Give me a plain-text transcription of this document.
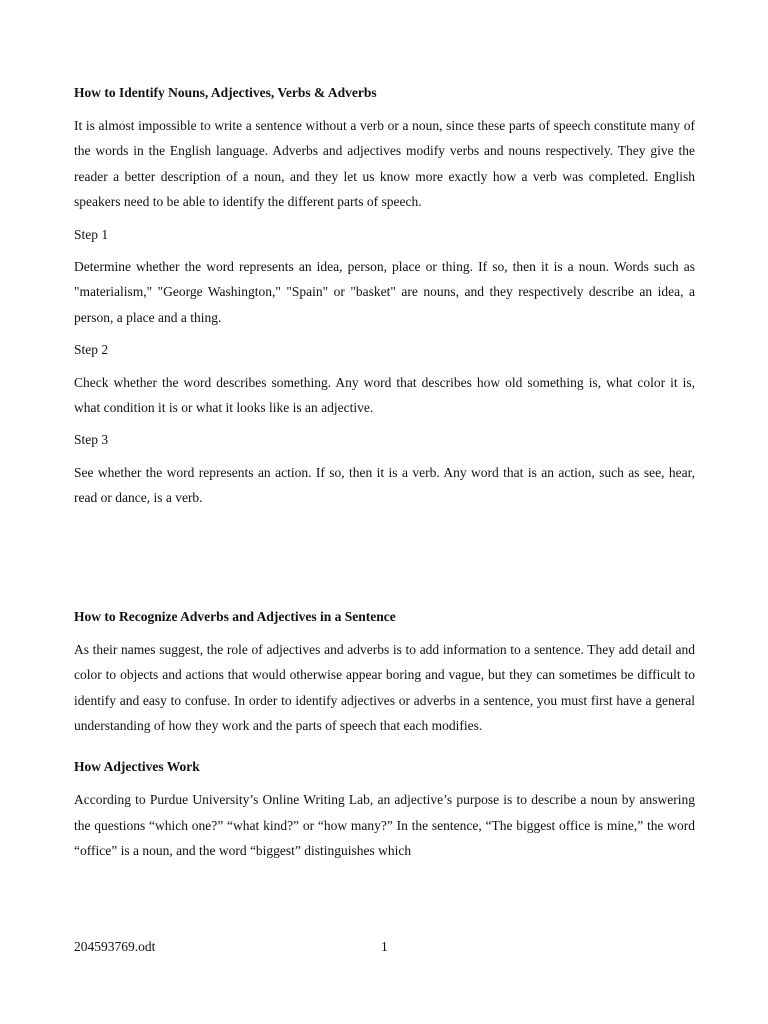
How to Identify Nouns, Adjectives, Verbs & Adverbs

It is almost impossible to write a sentence without a verb or a noun, since these parts of speech constitute many of the words in the English language. Adverbs and adjectives modify verbs and nouns respectively. They give the reader a better description of a noun, and they let us know more exactly how a verb was completed. English speakers need to be able to identify the different parts of speech.

Step 1

Determine whether the word represents an idea, person, place or thing. If so, then it is a noun. Words such as "materialism," "George Washington," "Spain" or "basket" are nouns, and they respectively describe an idea, a person, a place and a thing.

Step 2

Check whether the word describes something. Any word that describes how old something is, what color it is, what condition it is or what it looks like is an adjective.

Step 3

See whether the word represents an action. If so, then it is a verb. Any word that is an action, such as see, hear, read or dance, is a verb.

How to Recognize Adverbs and Adjectives in a Sentence

As their names suggest, the role of adjectives and adverbs is to add information to a sentence. They add detail and color to objects and actions that would otherwise appear boring and vague, but they can sometimes be difficult to identify and easy to confuse. In order to identify adjectives or adverbs in a sentence, you must first have a general understanding of how they work and the parts of speech that each modifies.

How Adjectives Work

According to Purdue University’s Online Writing Lab, an adjective’s purpose is to describe a noun by answering the questions “which one?” “what kind?” or “how many?” In the sentence, “The biggest office is mine,” the word “office” is a noun, and the word “biggest” distinguishes which

204593769.odt	1
